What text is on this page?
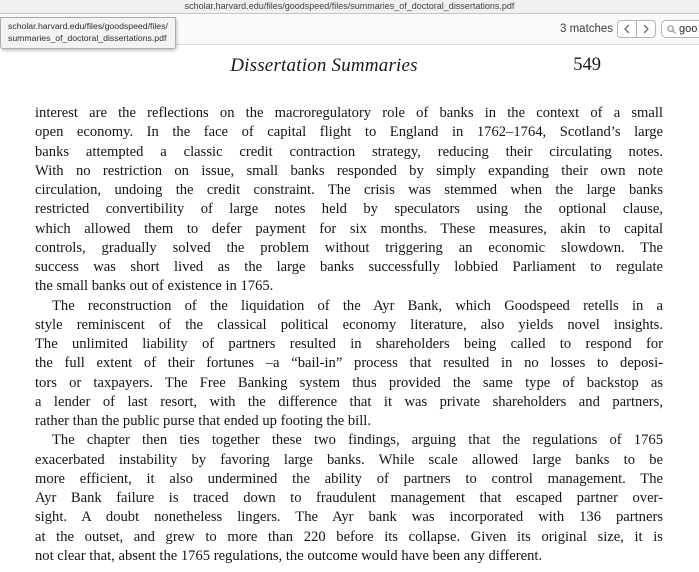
scholar.harvard.edu/files/goodspeed/files/summaries_of_doctoral_dissertations.pdf
3 matches
goo
scholar.harvard.edu/files/goodspeed/files/
summaries_of_doctoral_dissertations.pdf
Dissertation Summaries	549
interest are the reflections on the macroregulatory role of banks in the context of a small
open economy. In the face of capital flight to England in 1762–1764, Scotland’s large
banks attempted a classic credit contraction strategy, reducing their circulating notes.
With no restriction on issue, small banks responded by simply expanding their own note
circulation, undoing the credit constraint. The crisis was stemmed when the large banks
restricted convertibility of large notes held by speculators using the optional clause,
which allowed them to defer payment for six months. These measures, akin to capital
controls, gradually solved the problem without triggering an economic slowdown. The
success was short lived as the large banks successfully lobbied Parliament to regulate
the small banks out of existence in 1765.
The reconstruction of the liquidation of the Ayr Bank, which Goodspeed retells in a
style reminiscent of the classical political economy literature, also yields novel insights.
The unlimited liability of partners resulted in shareholders being called to respond for
the full extent of their fortunes –a “bail-in” process that resulted in no losses to deposi-
tors or taxpayers. The Free Banking system thus provided the same type of backstop as
a lender of last resort, with the difference that it was private shareholders and partners,
rather than the public purse that ended up footing the bill.
The chapter then ties together these two findings, arguing that the regulations of 1765
exacerbated instability by favoring large banks. While scale allowed large banks to be
more efficient, it also undermined the ability of partners to control management. The
Ayr Bank failure is traced down to fraudulent management that escaped partner over-
sight. A doubt nonetheless lingers. The Ayr bank was incorporated with 136 partners
at the outset, and grew to more than 220 before its collapse. Given its original size, it is
not clear that, absent the 1765 regulations, the outcome would have been any different.
